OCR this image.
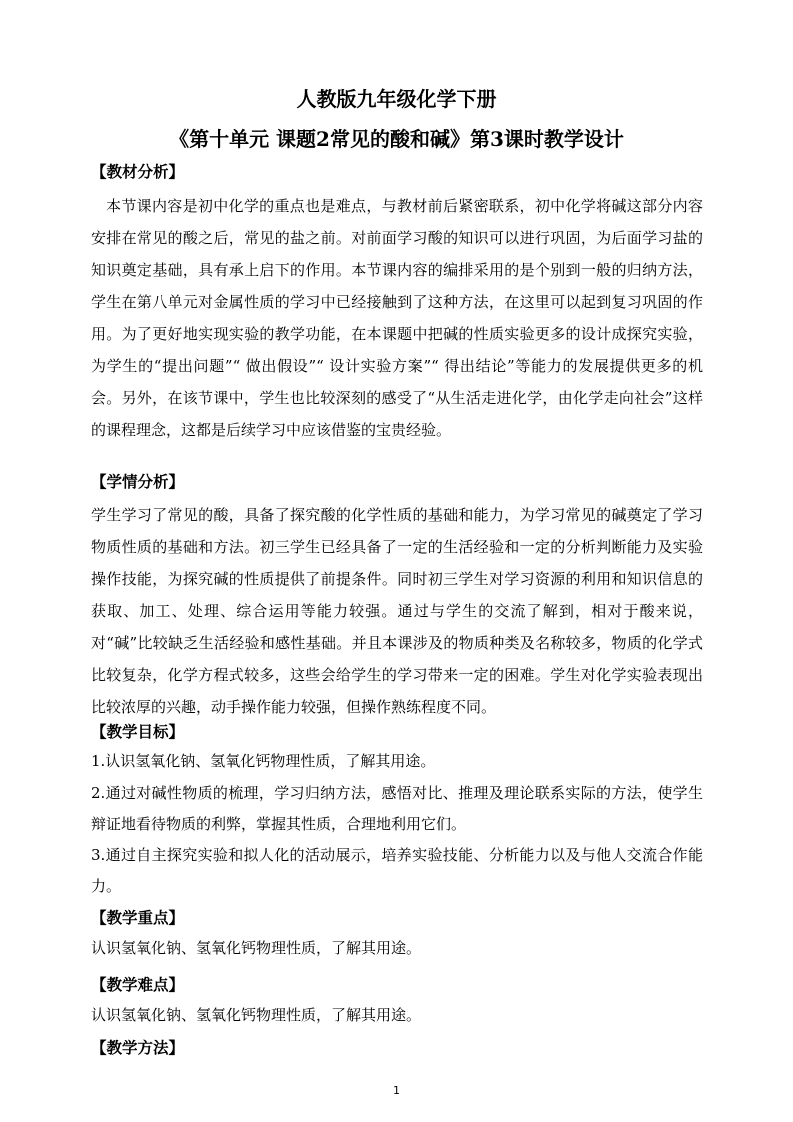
人教版九年级化学下册
《第十单元 课题2常见的酸和碱》第3课时教学设计
【教材分析】

本节课内容是初中化学的重点也是难点，与教材前后紧密联系，初中化学将碱这部分内容安排在常见的酸之后，常见的盐之前。对前面学习酸的知识可以进行巩固，为后面学习盐的知识奠定基础，具有承上启下的作用。本节课内容的编排采用的是个别到一般的归纳方法，学生在第八单元对金属性质的学习中已经接触到了这种方法，在这里可以起到复习巩固的作用。为了更好地实现实验的教学功能，在本课题中把碱的性质实验更多的设计成探究实验，为学生的“提出问题”“ 做出假设”“ 设计实验方案”“ 得出结论”等能力的发展提供更多的机会。另外，在该节课中，学生也比较深刻的感受了“从生活走进化学，由化学走向社会”这样的课程理念，这都是后续学习中应该借鉴的宝贵经验。

【学情分析】

学生学习了常见的酸，具备了探究酸的化学性质的基础和能力，为学习常见的碱奠定了学习物质性质的基础和方法。初三学生已经具备了一定的生活经验和一定的分析判断能力及实验操作技能，为探究碱的性质提供了前提条件。同时初三学生对学习资源的利用和知识信息的获取、加工、处理、综合运用等能力较强。通过与学生的交流了解到，相对于酸来说，对“碱”比较缺乏生活经验和感性基础。并且本课涉及的物质种类及名称较多，物质的化学式比较复杂，化学方程式较多，这些会给学生的学习带来一定的困难。学生对化学实验表现出比较浓厚的兴趣，动手操作能力较强，但操作熟练程度不同。

【教学目标】

1.认识氢氧化钠、氢氧化钙物理性质，了解其用途。

2.通过对碱性物质的梳理，学习归纳方法，感悟对比、推理及理论联系实际的方法，使学生辩证地看待物质的利弊，掌握其性质，合理地利用它们。

3.通过自主探究实验和拟人化的活动展示，培养实验技能、分析能力以及与他人交流合作能力。

【教学重点】

认识氢氧化钠、氢氧化钙物理性质，了解其用途。

【教学难点】

认识氢氧化钠、氢氧化钙物理性质，了解其用途。

【教学方法】
1
